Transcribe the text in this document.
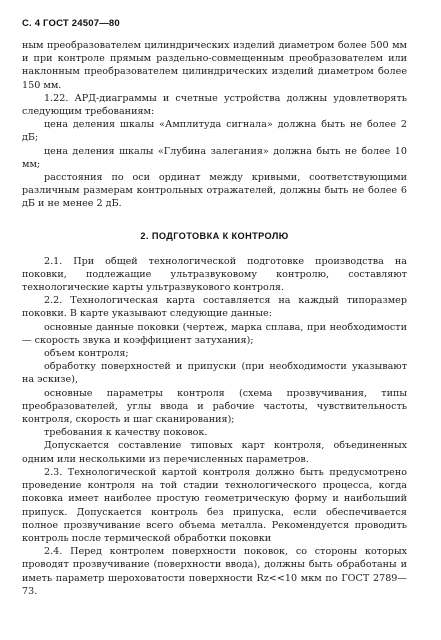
С. 4 ГОСТ 24507—80

ным преобразователем цилиндрических изделий диаметром более 500 мм и при контроле прямым раздельно-совмещенным преобразователем или наклонным преобразователем цилиндрических изделий диаметром более 150 мм.

1.22. АРД-диаграммы и счетные устройства должны удовлетворять следующим требованиям:

цена деления шкалы «Амплитуда сигнала» должна быть не более 2 дБ;

цена деления шкалы «Глубина залегания» должна быть не более 10 мм;

расстояния по оси ординат между кривыми, соответствующими различным размерам контрольных отражателей, должны быть не более 6 дБ и не менее 2 дБ.

2. ПОДГОТОВКА К КОНТРОЛЮ

2.1. При общей технологической подготовке производства на поковки, подлежащие ультразвуковому контролю, составляют технологические карты ультразвукового контроля.

2.2. Технологическая карта составляется на каждый типоразмер поковки. В карте указывают следующие данные:

основные данные поковки (чертеж, марка сплава, при необходимости — скорость звука и коэффициент затухания);

объем контроля;

обработку поверхностей и припуски (при необходимости указывают на эскизе),

основные параметры контроля (схема прозвучивания, типы преобразователей, углы ввода и рабочие частоты, чувствительность контроля, скорость и шаг сканирования);

требования к качеству поковок.

Допускается составление типовых карт контроля, объединенных одним или несколькими из перечисленных параметров.

2.3. Технологической картой контроля должно быть предусмотрено проведение контроля на той стадии технологического процесса, когда поковка имеет наиболее простую геометрическую форму и наибольший припуск. Допускается контроль без припуска, если обеспечивается полное прозвучивание всего объема металла. Рекомендуется проводить контроль после термической обработки поковки

2.4. Перед контролем поверхности поковок, со стороны которых проводят прозвучивание (поверхности ввода), должны быть обработаны и иметь параметр шероховатости поверхности Rz<<10 мкм по ГОСТ 2789—73.
